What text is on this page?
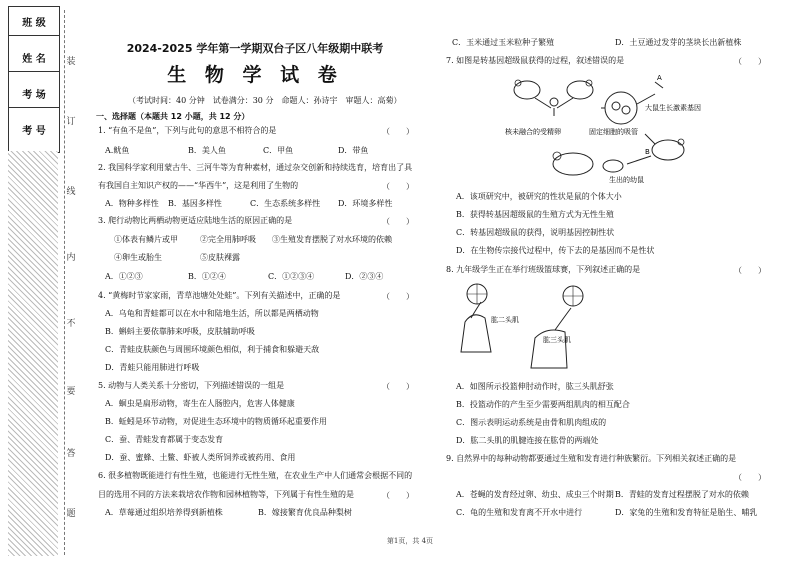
班 级
姓 名
考 场
考 号
装
订
线
内
不
要
答
题
2024-2025 学年第一学期双台子区八年级期中联考
生 物 学 试 卷
（考试时间：40 分钟　试卷满分：30 分　命题人：孙诗宇　审题人：高菊）
一、选择题（本题共 12 小题，共 12 分）
1. “有鱼不是鱼”，下列与此句的意思不相符合的是	（　　）
A.鱿鱼	B．美人鱼	C．甲鱼	D．带鱼
2. 我国科学家利用蒙古牛、三河牛等为育种素材，通过杂交创新和持续选育，培育出了具
有我国自主知识产权的——“华西牛”，这是利用了生物的	（　　）
A．物种多样性 B．基因多样性	C．生态系统多样性 D．环境多样性
3. 爬行动物比两栖动物更适应陆地生活的原因正确的是	（　　）
①体表有鳞片或甲	②完全用肺呼吸 ③生殖发育摆脱了对水环境的依赖
④卵生或胎生	⑤皮肤裸露
A．①②③	B．①②④	C．①②③④	D．②③④
4. “黄梅时节家家雨，青草池塘处处蛙”。下列有关描述中，正确的是	（　　）
A．乌龟和青蛙都可以在水中和陆地生活，所以都是两栖动物
B．蝌蚪主要依靠肺来呼吸，皮肤辅助呼吸
C．青蛙皮肤颜色与周围环境颜色相似，利于捕食和躲避天敌
D．青蛙只能用肺进行呼吸
5. 动物与人类关系十分密切，下列描述错误的一组是	（　　）
A．蛔虫是扁形动物，寄生在人肠腔内，危害人体健康
B．蚯蚓是环节动物，对促进生态环境中的物质循环起重要作用
C．蚕、青蛙发育都属于变态发育
D．蚕、蜜蜂、土鳖、虾被人类所饲养或被药用、食用
6. 很多植物既能进行有性生殖，也能进行无性生殖，在农业生产中人们通常会根据不同的
目的选用不同的方法来栽培农作物和园林植物等，下列属于有性生殖的是	（　　）
A．草莓通过组织培养得到新植株	B．嫁接繁育优良品种梨树
C．玉米通过玉米粒种子繁殖	D．土豆通过发芽的茎块长出新植株
7. 如图是转基因超级鼠获得的过程，叙述错误的是	（　　）
A
核未融合的受精卵	固定细胞的吸管
大鼠生长激素基因
B
生出的幼鼠
A．该项研究中，被研究的性状是鼠的个体大小
B．获得转基因超级鼠的生殖方式为无性生殖
C．转基因超级鼠的获得，说明基因控制性状
D．在生物传宗接代过程中，传下去的是基因而不是性状
8. 九年级学生正在举行班级篮球赛，下列叙述正确的是	（　　）
肱二头肌
肱三头肌
A．如图所示投篮伸肘动作时，肱三头肌舒张
B．投篮动作的产生至少需要两组肌肉的相互配合
C．图示表明运动系统是由骨和肌肉组成的
D．肱二头肌的肌腱连接在肱骨的两端处
9. 自然界中的每种动物都要通过生殖和发育进行种族繁衍。下列相关叙述正确的是
（　　）
A．苍蝇的发育经过卵、幼虫、成虫三个时期 B．青蛙的发育过程摆脱了对水的依赖
C．龟的生殖和发育离不开水中进行	D．家兔的生殖和发育特征是胎生、哺乳
第1页，共 4页
